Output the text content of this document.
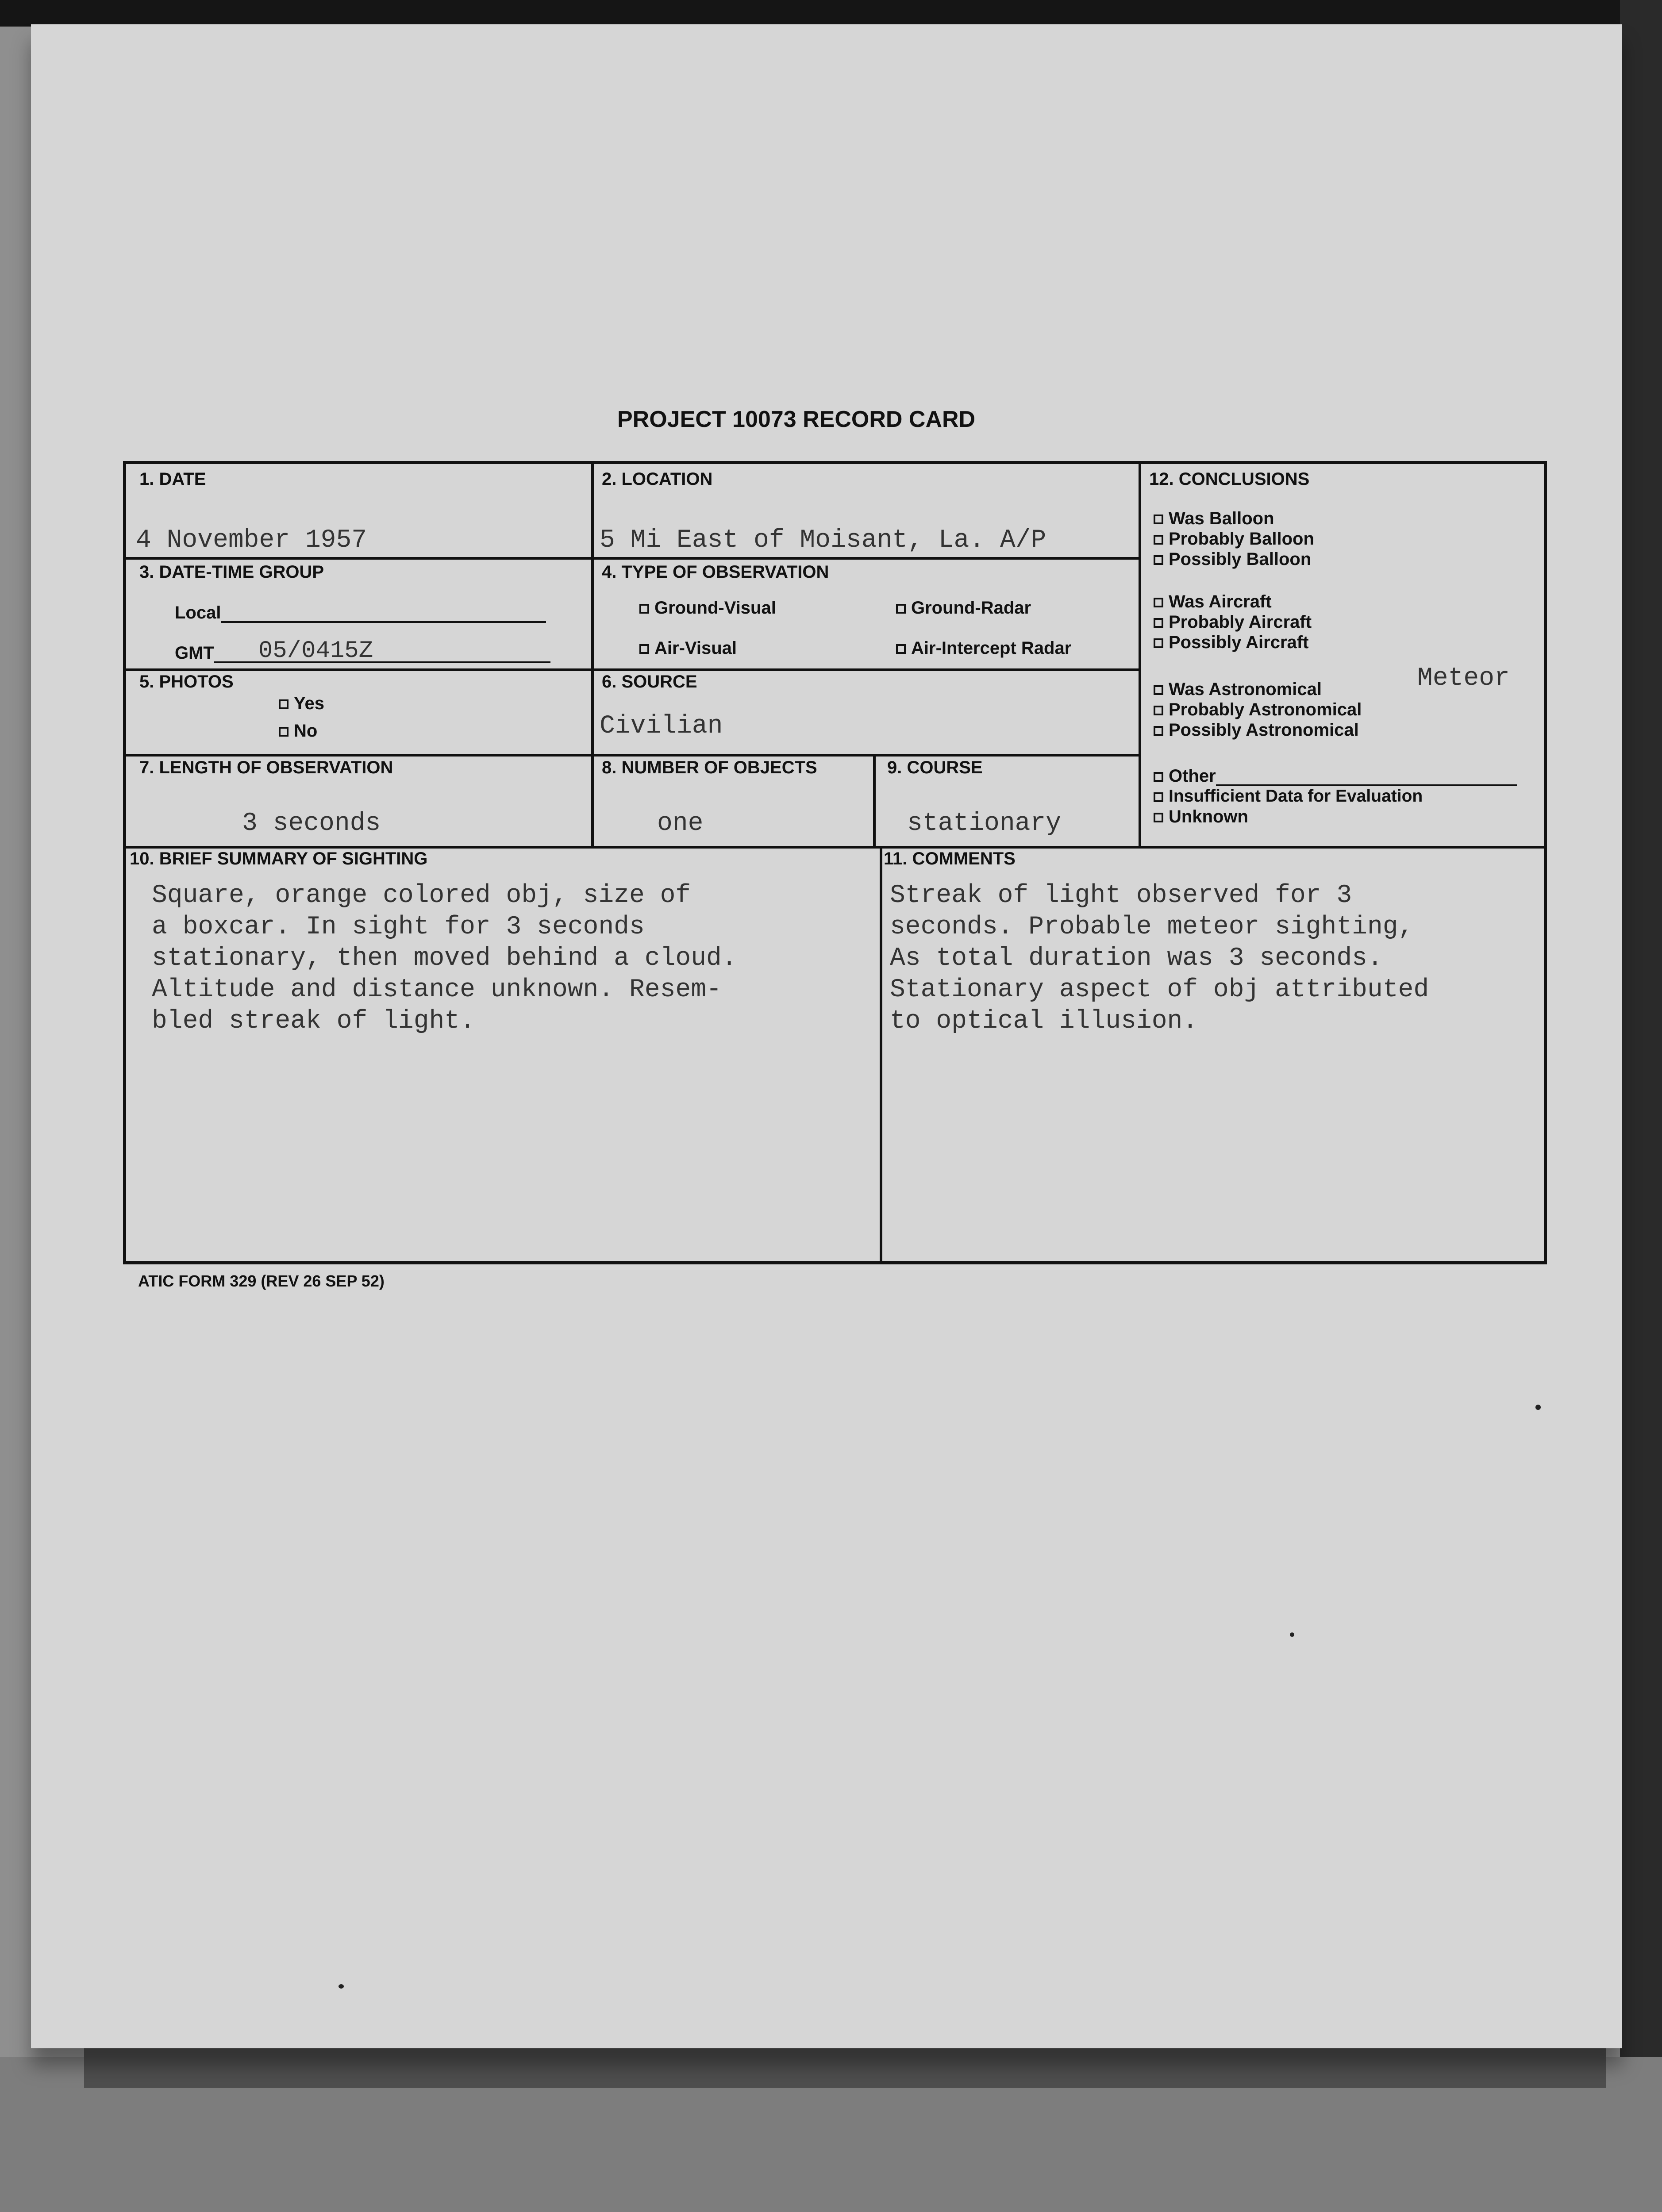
PROJECT 10073 RECORD CARD
1. DATE
4 November 1957
2. LOCATION
5 Mi East of Moisant, La. A/P
3. DATE-TIME GROUP
Local
GMT 05/0415Z
4. TYPE OF OBSERVATION
Ground-Visual	Ground-Radar
Air-Visual	Air-Intercept Radar
5. PHOTOS
Yes
No
6. SOURCE
Civilian
7. LENGTH OF OBSERVATION
3 seconds
8. NUMBER OF OBJECTS
one
9. COURSE
stationary
10. BRIEF SUMMARY OF SIGHTING
Square, orange colored obj, size of
a boxcar. In sight for 3 seconds
stationary, then moved behind a cloud.
Altitude and distance unknown. Resem-
bled streak of light.
11. COMMENTS
Streak of light observed for 3
seconds. Probable meteor sighting,
As total duration was 3 seconds.
Stationary aspect of obj attributed
to optical illusion.
12. CONCLUSIONS
Was Balloon
Probably Balloon
Possibly Balloon
Was Aircraft
Probably Aircraft
Possibly Aircraft
Was Astronomical	Meteor
Probably Astronomical
Possibly Astronomical
Other
Insufficient Data for Evaluation
Unknown
ATIC FORM 329 (REV 26 SEP 52)
